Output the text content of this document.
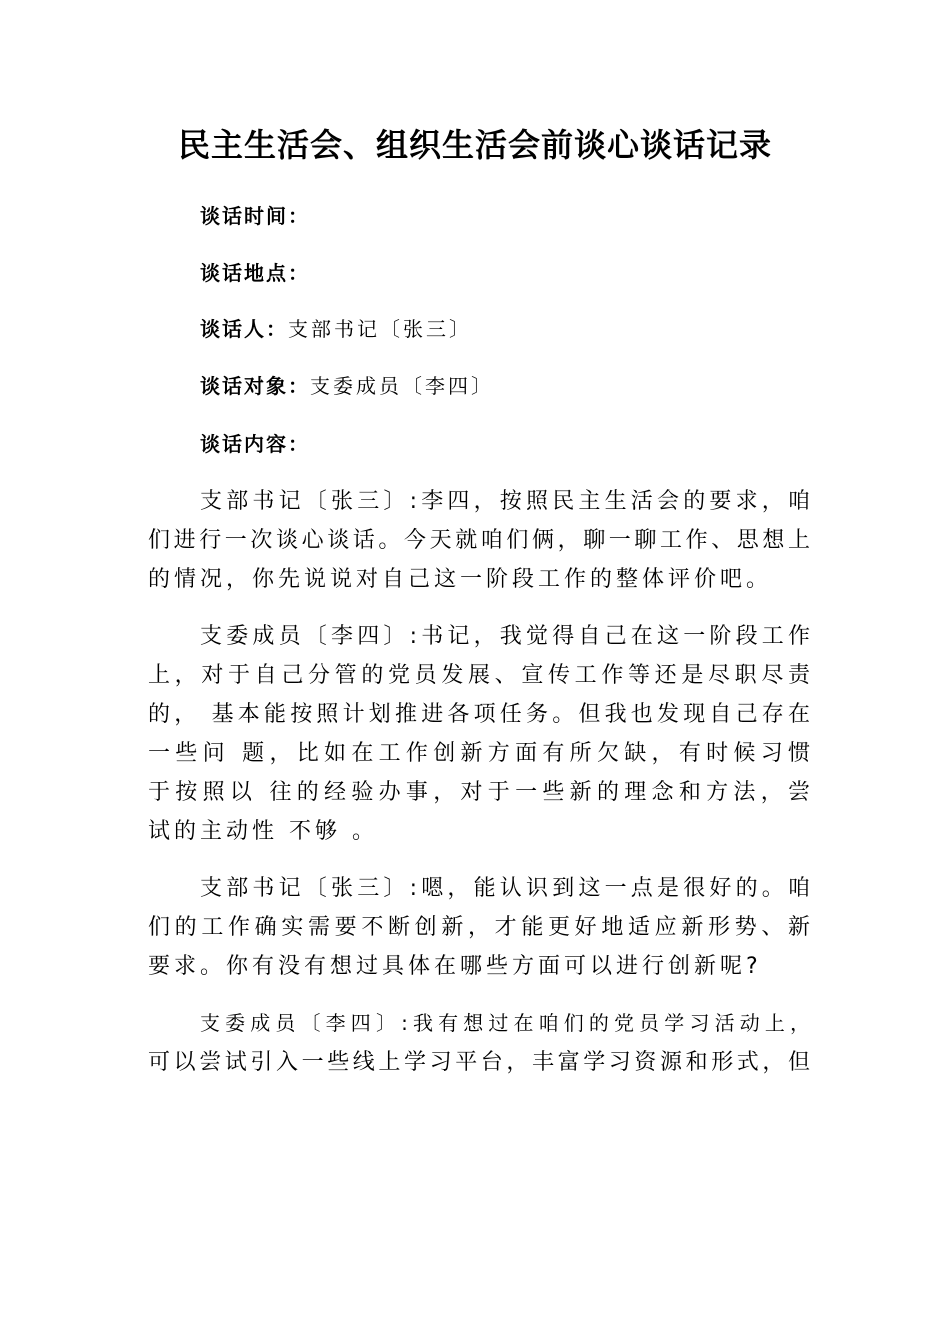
民主生活会、组织生活会前谈心谈话记录
谈话时间：
谈话地点：
谈话人：支部书记〔张三〕
谈话对象：支委成员〔李四〕
谈话内容：
支部书记〔张三〕:李四，按照民主生活会的要求，咱
们进行一次谈心谈话。今天就咱们俩，聊一聊工作、思想上
的情况，你先说说对自己这一阶段工作的整体评价吧。
支委成员〔李四〕:书记，我觉得自己在这一阶段工作
上，对于自己分管的党员发展、宣传工作等还是尽职尽责
的， 基本能按照计划推进各项任务。但我也发现自己存在
一些问 题，比如在工作创新方面有所欠缺，有时候习惯
于按照以 往的经验办事，对于一些新的理念和方法，尝
试的主动性 不够 。
支部书记〔张三〕:嗯，能认识到这一点是很好的。咱
们的工作确实需要不断创新，才能更好地适应新形势、新
要求。你有没有想过具体在哪些方面可以进行创新呢?
支委成员〔李四〕:我有想过在咱们的党员学习活动上，
可以尝试引入一些线上学习平台，丰富学习资源和形式，但
